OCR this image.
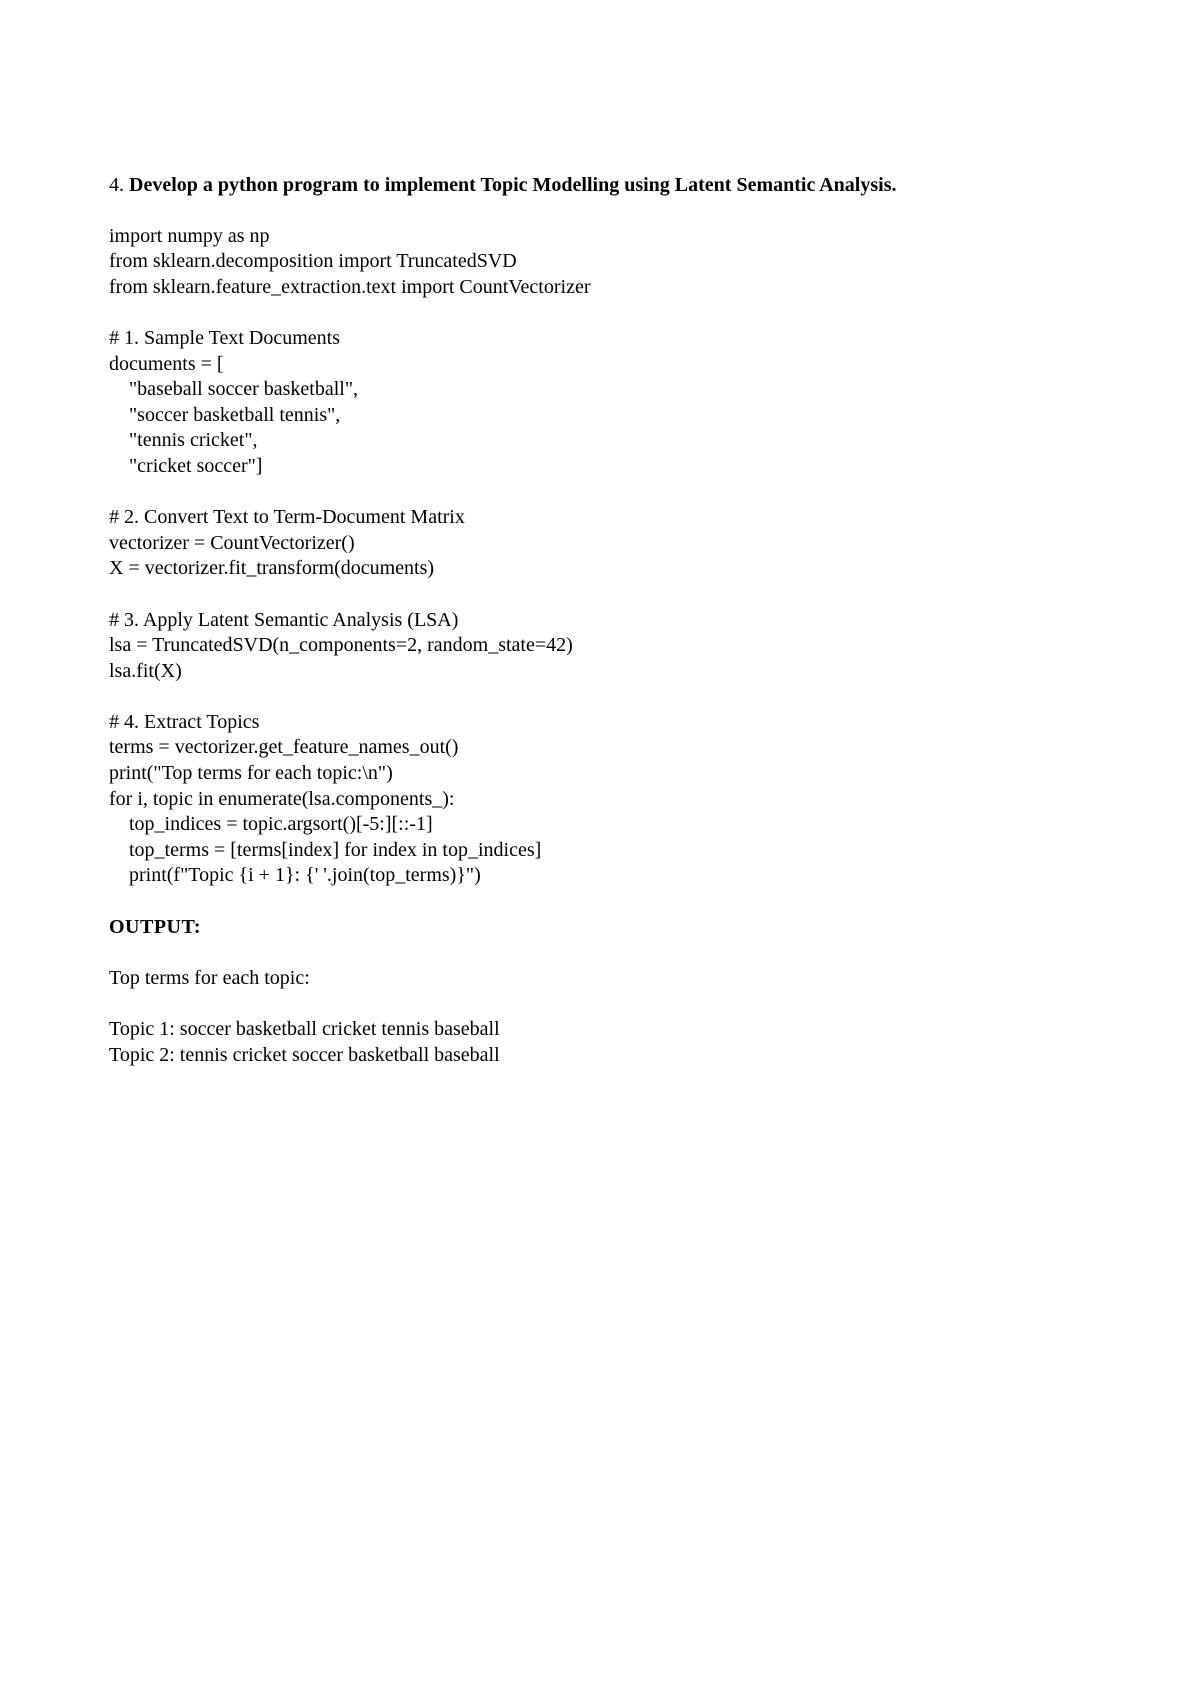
4. Develop a python program to implement Topic Modelling using Latent Semantic Analysis.

import numpy as np

from sklearn.decomposition import TruncatedSVD

from sklearn.feature_extraction.text import CountVectorizer

# 1. Sample Text Documents

documents = [

"baseball soccer basketball",

"soccer basketball tennis",

"tennis cricket",

"cricket soccer"]

# 2. Convert Text to Term-Document Matrix

vectorizer = CountVectorizer()

X = vectorizer.fit_transform(documents)

# 3. Apply Latent Semantic Analysis (LSA)

lsa = TruncatedSVD(n_components=2, random_state=42)

lsa.fit(X)

# 4. Extract Topics

terms = vectorizer.get_feature_names_out()

print("Top terms for each topic:\n")

for i, topic in enumerate(lsa.components_):

top_indices = topic.argsort()[-5:][::-1]

top_terms = [terms[index] for index in top_indices]

print(f"Topic {i + 1}: {' '.join(top_terms)}")

OUTPUT:

Top terms for each topic:

Topic 1: soccer basketball cricket tennis baseball

Topic 2: tennis cricket soccer basketball baseball
